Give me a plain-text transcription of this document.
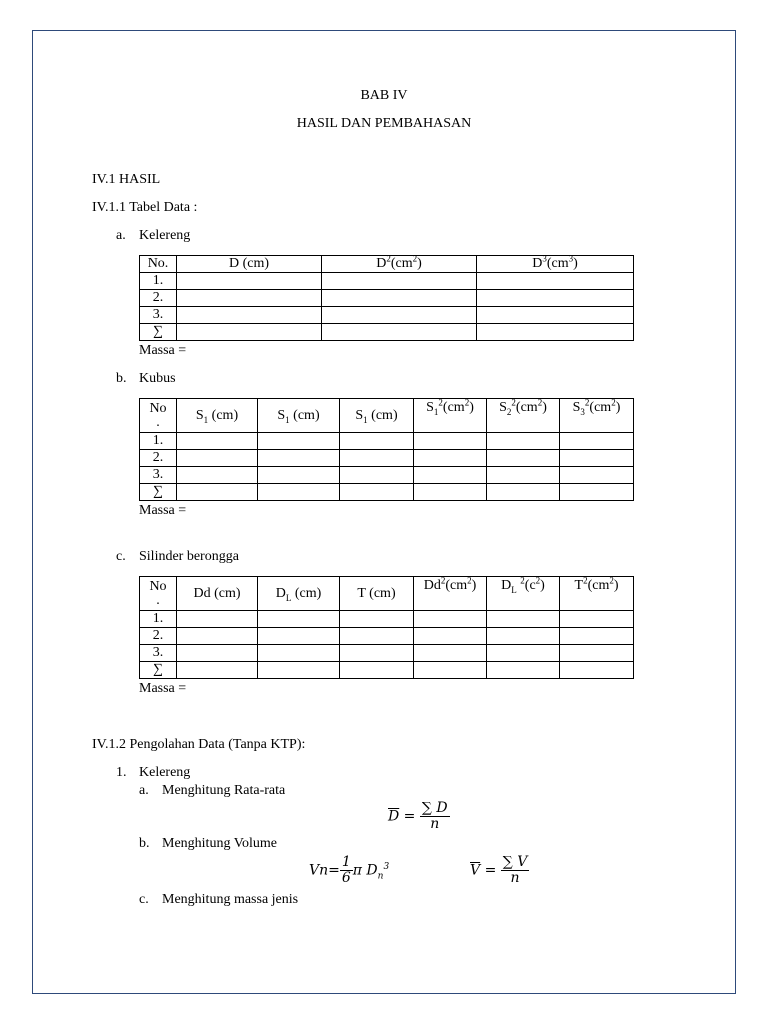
BAB IV
HASIL DAN PEMBAHASAN
IV.1 HASIL
IV.1.1 Tabel Data :
a. Kelereng
No.	D (cm)	$D^2(cm^2)$	$D^3(cm^3)$
1.			
2.			
3.			
∑			
Massa =
b. Kubus
No
.	$S_1$ (cm)	$S_1$ (cm)	$S_1$ (cm)	$S_1^2(cm^2)$	$S_2^2(cm^2)$	$S_3^2(cm^2)$
1.						
2.						
3.						
∑						
Massa =
c. Silinder berongga
No
.	Dd (cm)	$D_L$ (cm)	T (cm)	$Dd^2(cm^2)$	$D_L$ $^2(c^2)$	$T^2(cm^2)$
1.						
2.						
3.						
∑						
Massa =
IV.1.2 Pengolahan Data (Tanpa KTP):
1. Kelereng
a. Menghitung Rata-rata
$\overline{D} = \frac{\sum D}{n}$
b. Menghitung Volume
$Vn= \frac{1}{6}$ π $D_n^3$	$\overline{V} = \frac{\sum V}{n}$
c. Menghitung massa jenis
